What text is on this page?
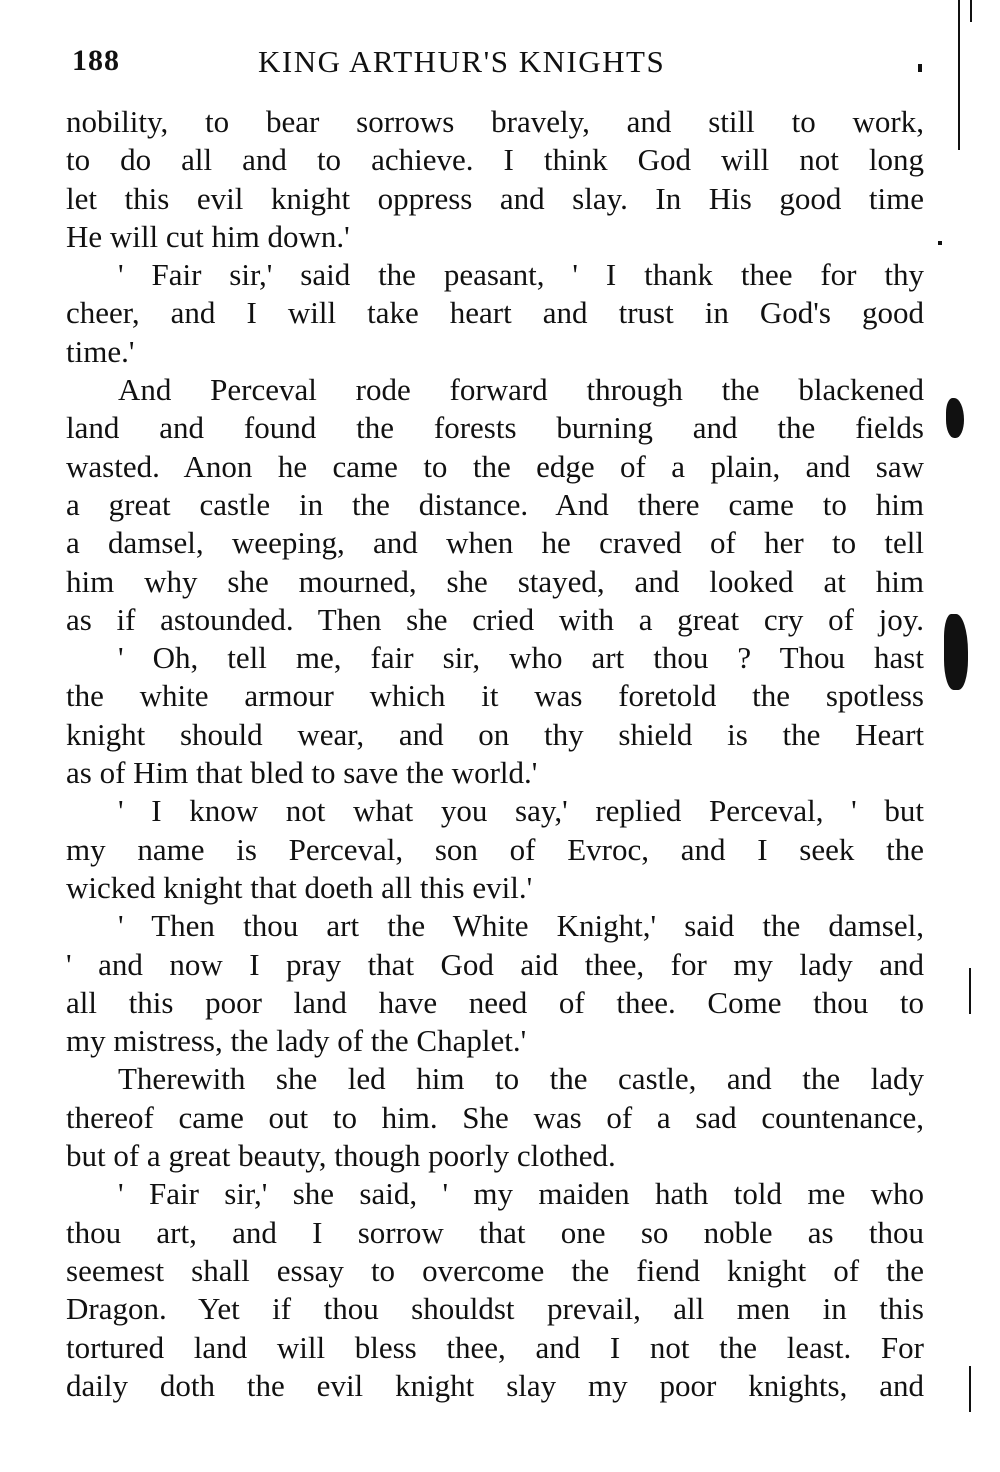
188	KING ARTHUR'S KNIGHTS
nobility, to bear sorrows bravely, and still to work,
to do all and to achieve. I think God will not long
let this evil knight oppress and slay. In His good time
He will cut him down.'
' Fair sir,' said the peasant, ' I thank thee for thy
cheer, and I will take heart and trust in God's good
time.'
And Perceval rode forward through the blackened
land and found the forests burning and the fields
wasted. Anon he came to the edge of a plain, and saw
a great castle in the distance. And there came to him
a damsel, weeping, and when he craved of her to tell
him why she mourned, she stayed, and looked at him
as if astounded. Then she cried with a great cry of joy.
' Oh, tell me, fair sir, who art thou ? Thou hast
the white armour which it was foretold the spotless
knight should wear, and on thy shield is the Heart
as of Him that bled to save the world.'
' I know not what you say,' replied Perceval, ' but
my name is Perceval, son of Evroc, and I seek the
wicked knight that doeth all this evil.'
' Then thou art the White Knight,' said the damsel,
' and now I pray that God aid thee, for my lady and
all this poor land have need of thee. Come thou to
my mistress, the lady of the Chaplet.'
Therewith she led him to the castle, and the lady
thereof came out to him. She was of a sad countenance,
but of a great beauty, though poorly clothed.
' Fair sir,' she said, ' my maiden hath told me who
thou art, and I sorrow that one so noble as thou
seemest shall essay to overcome the fiend knight of the
Dragon. Yet if thou shouldst prevail, all men in this
tortured land will bless thee, and I not the least. For
daily doth the evil knight slay my poor knights, and
